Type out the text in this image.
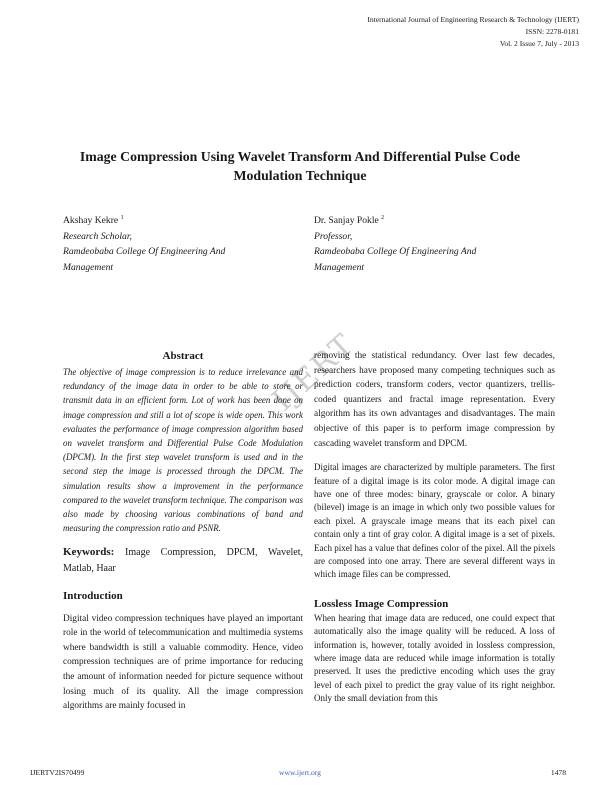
International Journal of Engineering Research & Technology (IJERT)
ISSN: 2278-0181
Vol. 2 Issue 7, July - 2013
Image Compression Using Wavelet Transform And Differential Pulse Code
Modulation Technique
Akshay Kekre $^1$
Research Scholar,
Ramdeobaba College Of Engineering And
Management
Dr. Sanjay Pokle $^2$
Professor,
Ramdeobaba College Of Engineering And
Management
IJERT
Abstract

The objective of image compression is to reduce irrelevance and redundancy of the image data in order to be able to store or transmit data in an efficient form. Lot of work has been done on image compression and still a lot of scope is wide open. This work evaluates the performance of image compression algorithm based on wavelet transform and Differential Pulse Code Modulation (DPCM). In the first step wavelet transform is used and in the second step the image is processed through the DPCM. The simulation results show a improvement in the performance compared to the wavelet transform technique. The comparison was also made by choosing various combinations of band and measuring the compression ratio and PSNR.

Keywords: Image Compression, DPCM, Wavelet, Matlab, Haar
Introduction

Digital video compression techniques have played an important role in the world of telecommunication and multimedia systems where bandwidth is still a valuable commodity. Hence, video compression techniques are of prime importance for reducing the amount of information needed for picture sequence without losing much of its quality. All the image compression algorithms are mainly focused in

removing the statistical redundancy. Over last few decades, researchers have proposed many competing techniques such as prediction coders, transform coders, vector quantizers, trellis-coded quantizers and fractal image representation. Every algorithm has its own advantages and disadvantages. The main objective of this paper is to perform image compression by cascading wavelet transform and DPCM.

Digital images are characterized by multiple parameters. The first feature of a digital image is its color mode. A digital image can have one of three modes: binary, grayscale or color. A binary (bilevel) image is an image in which only two possible values for each pixel. A grayscale image means that its each pixel can contain only a tint of gray color. A digital image is a set of pixels. Each pixel has a value that defines color of the pixel. All the pixels are composed into one array. There are several different ways in which image files can be compressed.

Lossless Image Compression

When hearing that image data are reduced, one could expect that automatically also the image quality will be reduced. A loss of information is, however, totally avoided in lossless compression, where image data are reduced while image information is totally preserved. It uses the predictive encoding which uses the gray level of each pixel to predict the gray value of its right neighbor. Only the small deviation from this

IJERTV2IS70499	www.ijert.org	1478
